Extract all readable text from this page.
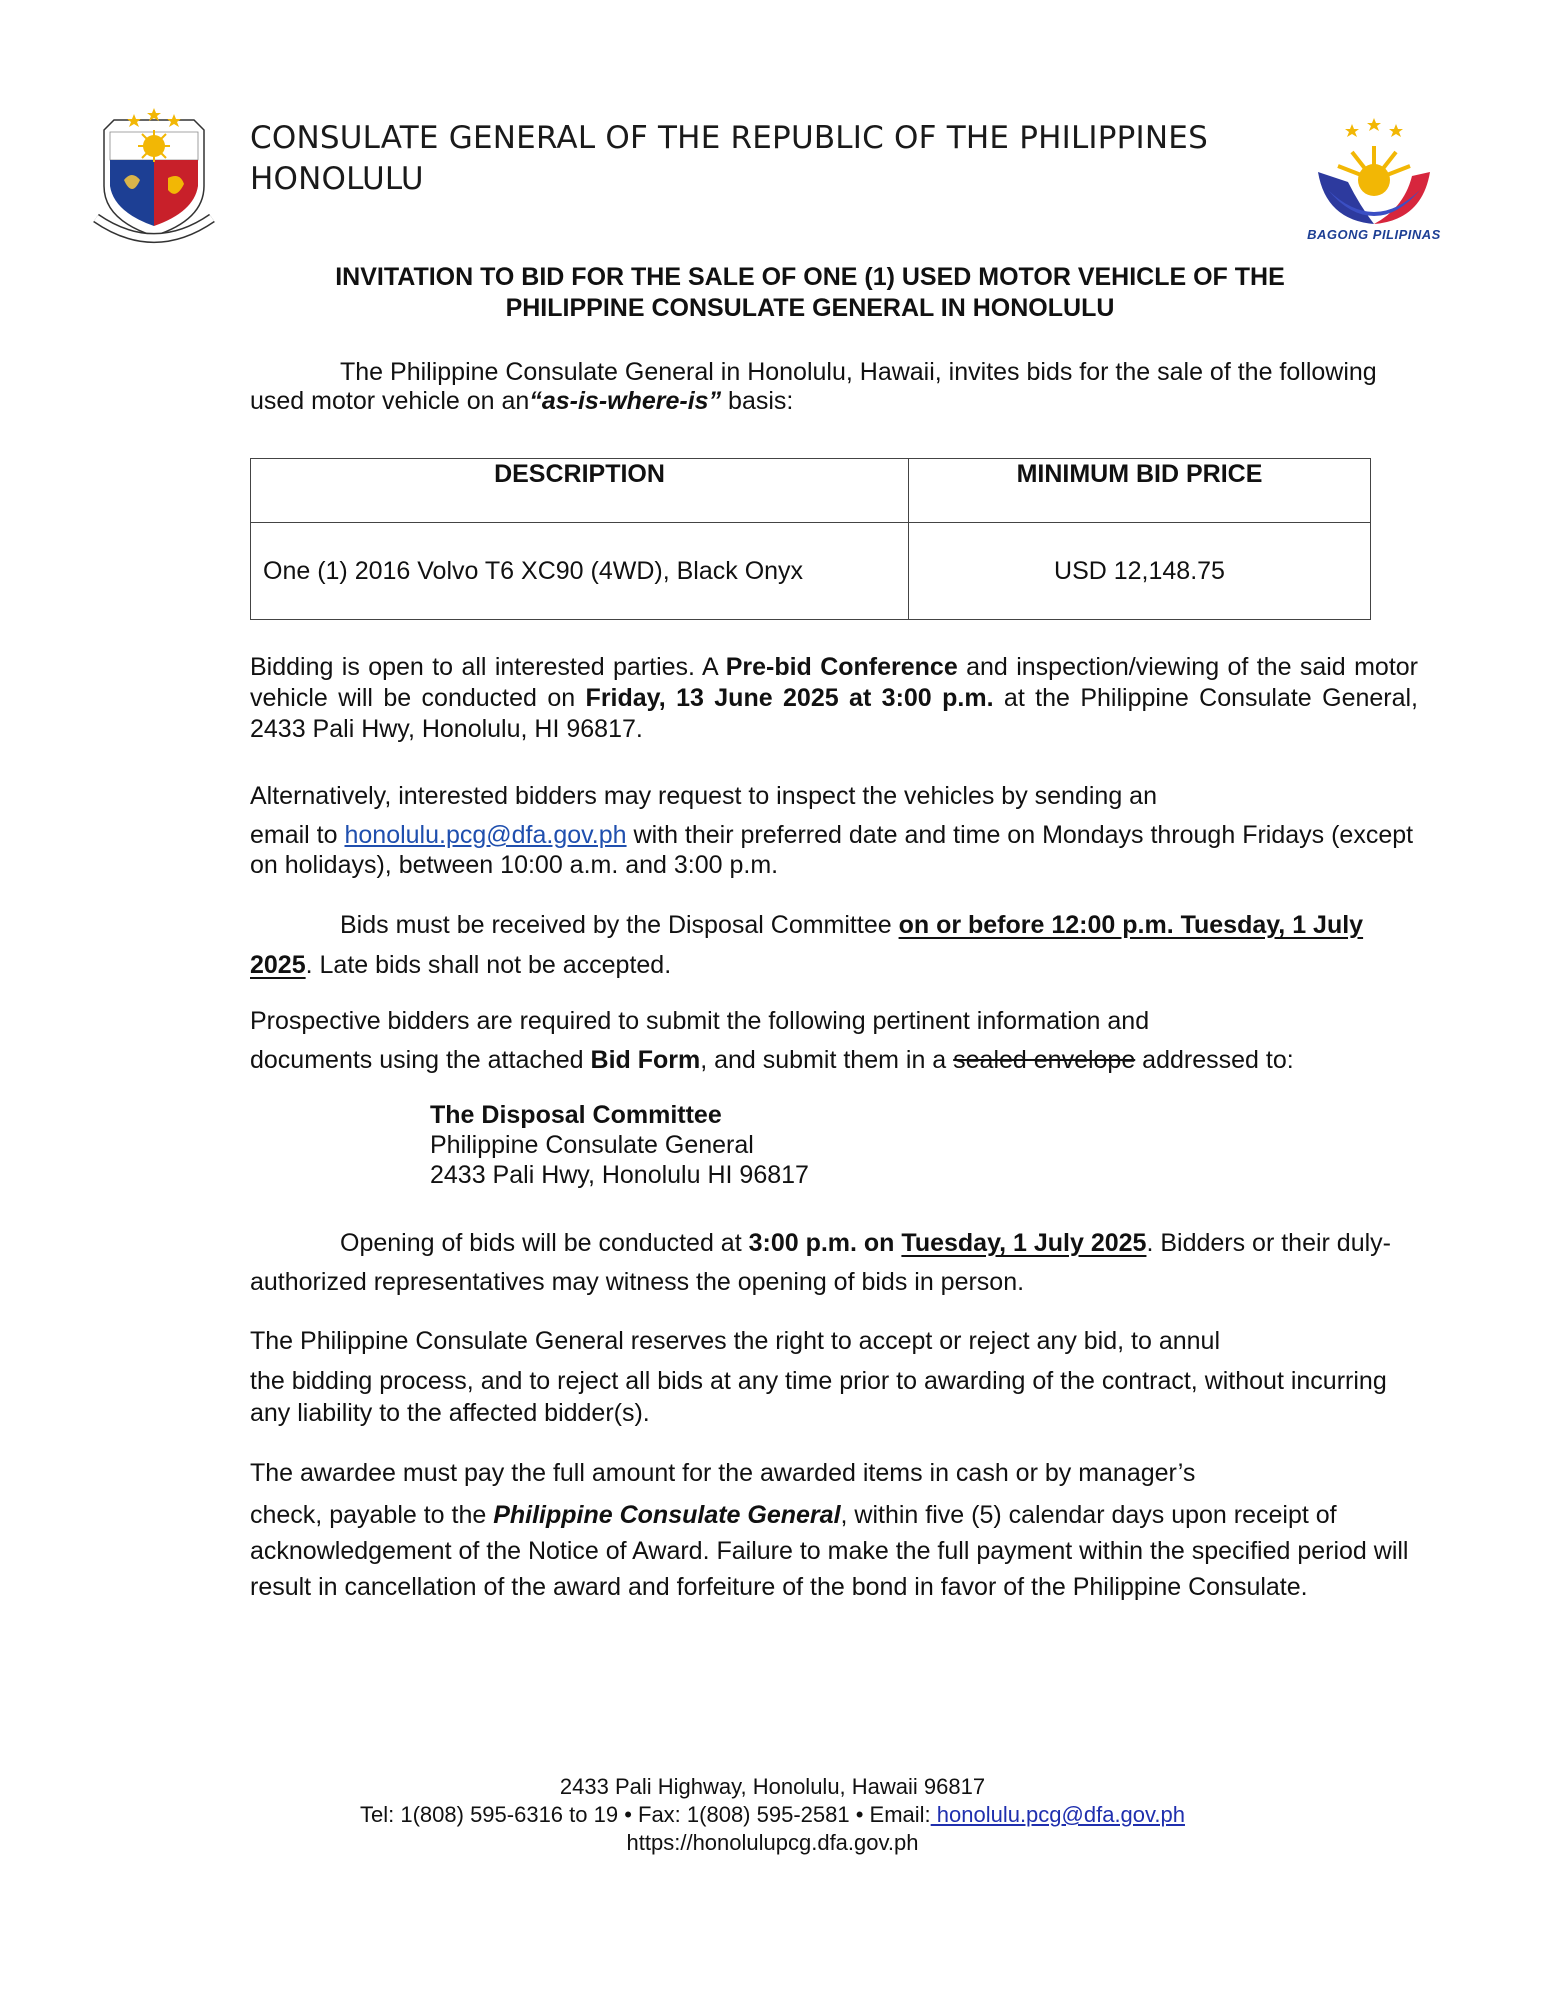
CONSULATE GENERAL OF THE REPUBLIC OF THE PHILIPPINES
HONOLULU
BAGONG PILIPINAS
INVITATION TO BID FOR THE SALE OF ONE (1) USED MOTOR VEHICLE OF THE
PHILIPPINE CONSULATE GENERAL IN HONOLULU
The Philippine Consulate General in Honolulu, Hawaii, invites bids for the sale of the following used motor vehicle on an“as-is-where-is” basis:
DESCRIPTION	MINIMUM BID PRICE

One (1) 2016 Volvo T6 XC90 (4WD), Black Onyx	USD 12,148.75
Bidding is open to all interested parties. A Pre-bid Conference and inspection/viewing of the said motor vehicle will be conducted on Friday, 13 June 2025 at 3:00 p.m. at the Philippine Consulate General, 2433 Pali Hwy, Honolulu, HI 96817.
Alternatively, interested bidders may request to inspect the vehicles by sending an
email to honolulu.pcg@dfa.gov.ph with their preferred date and time on Mondays through Fridays (except on holidays), between 10:00 a.m. and 3:00 p.m.
Bids must be received by the Disposal Committee on or before 12:00 p.m. Tuesday, 1 July 2025. Late bids shall not be accepted.
Prospective bidders are required to submit the following pertinent information and
documents using the attached Bid Form, and submit them in a sealed envelope addressed to:
The Disposal Committee
Philippine Consulate General
2433 Pali Hwy, Honolulu HI 96817
Opening of bids will be conducted at 3:00 p.m. on Tuesday, 1 July 2025. Bidders or their duly-authorized representatives may witness the opening of bids in person.
The Philippine Consulate General reserves the right to accept or reject any bid, to annul
the bidding process, and to reject all bids at any time prior to awarding of the contract, without incurring any liability to the affected bidder(s).
The awardee must pay the full amount for the awarded items in cash or by manager’s
check, payable to the Philippine Consulate General, within five (5) calendar days upon receipt of acknowledgement of the Notice of Award. Failure to make the full payment within the specified period will result in cancellation of the award and forfeiture of the bond in favor of the Philippine Consulate.
2433 Pali Highway, Honolulu, Hawaii 96817
Tel: 1(808) 595-6316 to 19 • Fax: 1(808) 595-2581 • Email: honolulu.pcg@dfa.gov.ph
https://honolulupcg.dfa.gov.ph
